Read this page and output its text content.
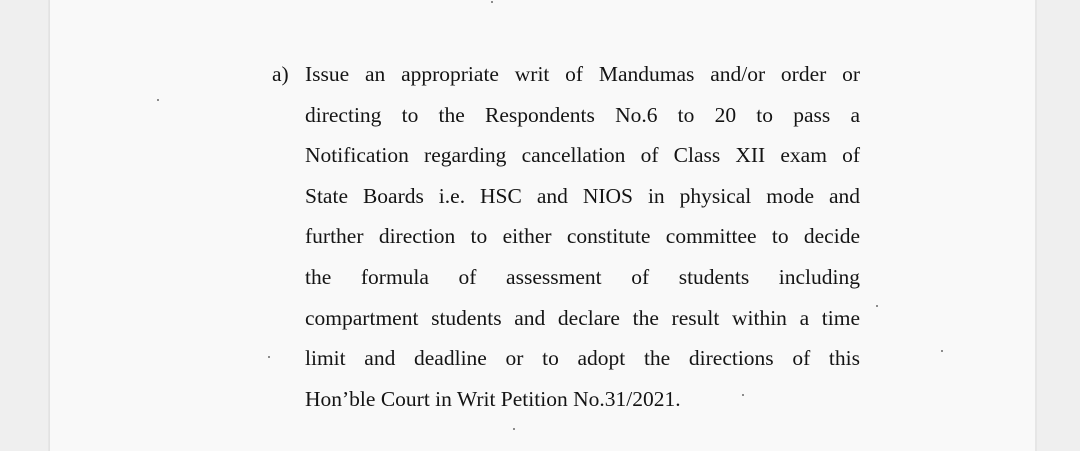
a) Issue an appropriate writ of Mandumas and/or order or
directing to the Respondents No.6 to 20 to pass a
Notification regarding cancellation of Class XII exam of
State Boards i.e. HSC and NIOS in physical mode and
further direction to either constitute committee to decide
the formula of assessment of students including
compartment students and declare the result within a time
limit and deadline or to adopt the directions of this
Hon’ble Court in Writ Petition No.31/2021.
